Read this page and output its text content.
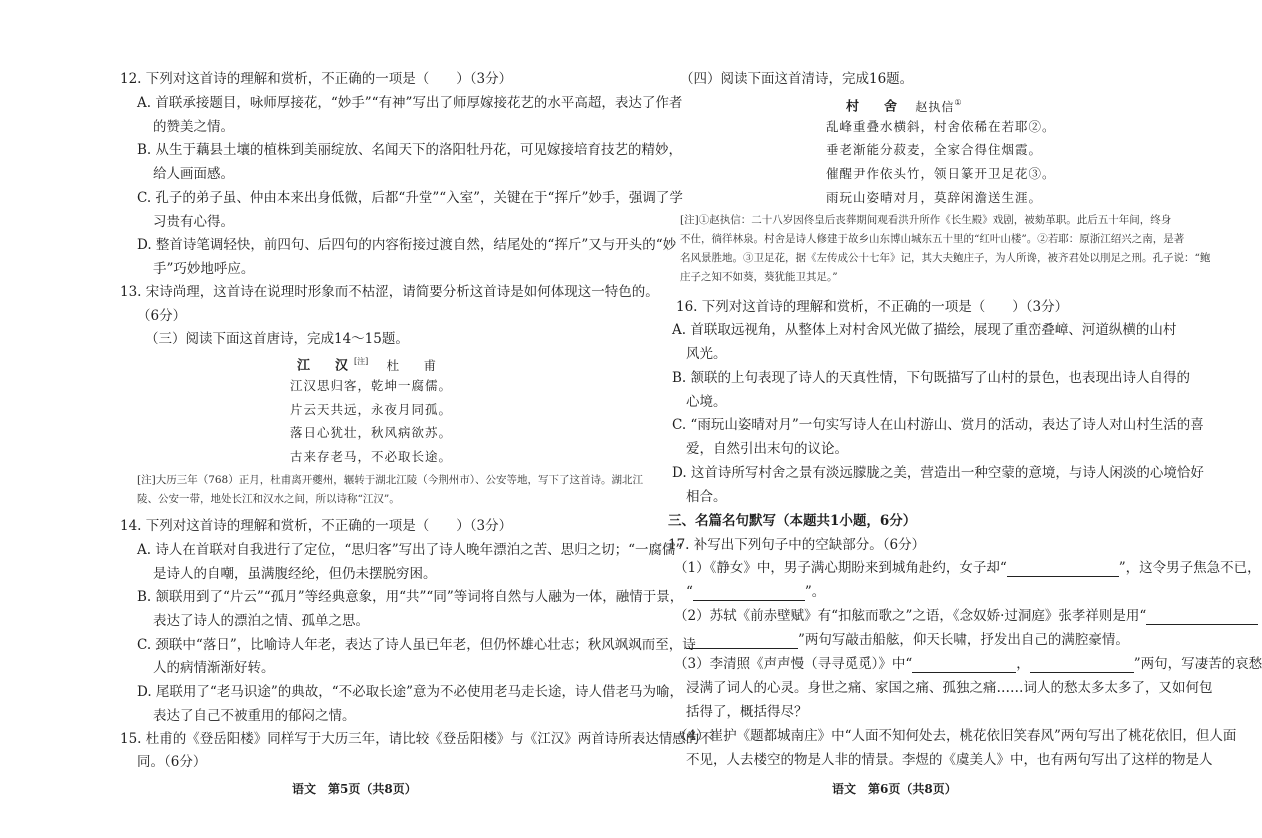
12. 下列对这首诗的理解和赏析，不正确的一项是（　　）（3分）
A. 首联承接题目，咏师厚接花，“妙手”“有神”写出了师厚嫁接花艺的水平高超，表达了作者
的赞美之情。
B. 从生于藕县土壤的植株到美丽绽放、名闻天下的洛阳牡丹花，可见嫁接培育技艺的精妙，
给人画面感。
C. 孔子的弟子虽、仲由本来出身低微，后都“升堂”“入室”，关键在于“挥斤”妙手，强调了学
习贵有心得。
D. 整首诗笔调轻快，前四句、后四句的内容衔接过渡自然，结尾处的“挥斤”又与开头的“妙
手”巧妙地呼应。
13. 宋诗尚理，这首诗在说理时形象而不枯涩，请简要分析这首诗是如何体现这一特色的。
（6分）
（三）阅读下面这首唐诗，完成14～15题。
江　汉[注] 杜　甫
江汉思归客，乾坤一腐儒。
片云天共远，永夜月同孤。
落日心犹壮，秋风病欲苏。
古来存老马，不必取长途。
[注]大历三年（768）正月，杜甫离开夔州，辗转于湖北江陵（今荆州市）、公安等地，写下了这首诗。湖北江
陵、公安一带，地处长江和汉水之间，所以诗称“江汉”。
14. 下列对这首诗的理解和赏析，不正确的一项是（　　）（3分）
A. 诗人在首联对自我进行了定位，“思归客”写出了诗人晚年漂泊之苦、思归之切；“一腐儒”
是诗人的自嘲，虽满腹经纶，但仍未摆脱穷困。
B. 颔联用到了“片云”“孤月”等经典意象，用“共”“同”等词将自然与人融为一体，融情于景，
表达了诗人的漂泊之情、孤单之思。
C. 颈联中“落日”，比喻诗人年老，表达了诗人虽已年老，但仍怀雄心壮志；秋风飒飒而至，诗
人的病情渐渐好转。
D. 尾联用了“老马识途”的典故，“不必取长途”意为不必使用老马走长途，诗人借老马为喻，
表达了自己不被重用的郁闷之情。
15. 杜甫的《登岳阳楼》同样写于大历三年，请比较《登岳阳楼》与《江汉》两首诗所表达情感的不
同。（6分）
语文　第5页（共8页）
（四）阅读下面这首清诗，完成16题。
村　舍 赵执信①
乱峰重叠水横斜，村舍依稀在若耶②。
垂老渐能分菽麦，全家合得住烟霞。
催醒尹作依头竹，领日篆开卫足花③。
雨玩山姿晴对月，莫辞闲澹送生涯。
[注]①赵执信：二十八岁因佟皇后丧葬期间观看洪升所作《长生殿》戏剧，被劾革职。此后五十年间，终身
不仕，徜徉林泉。村舍是诗人修建于故乡山东博山城东五十里的“红叶山楼”。②若耶：原浙江绍兴之南，是著
名风景胜地。③卫足花，据《左传成公十七年》记，其大夫鲍庄子，为人所谗，被齐君处以刖足之刑。孔子说：“鲍
庄子之知不如葵，葵犹能卫其足。”
16. 下列对这首诗的理解和赏析，不正确的一项是（　　）（3分）
A. 首联取远视角，从整体上对村舍风光做了描绘，展现了重峦叠嶂、河道纵横的山村
风光。
B. 颔联的上句表现了诗人的天真性情，下句既描写了山村的景色，也表现出诗人自得的
心境。
C. “雨玩山姿晴对月”一句实写诗人在山村游山、赏月的活动，表达了诗人对山村生活的喜
爱，自然引出末句的议论。
D. 这首诗所写村舍之景有淡远朦胧之美，营造出一种空蒙的意境，与诗人闲淡的心境恰好
相合。
三、名篇名句默写（本题共1小题，6分）
17. 补写出下列句子中的空缺部分。（6分）
（1）《静女》中，男子满心期盼来到城角赴约，女子却“	”，这令男子焦急不已，
“	”。
（2）苏轼《前赤壁赋》有“扣舷而歌之”之语，《念奴娇·过洞庭》张孝祥则是用“
”两句写敲击船舷，仰天长啸，抒发出自己的满腔豪情。
（3）李清照《声声慢（寻寻觅觅）》中“	，	”两句，写凄苦的哀愁
浸满了词人的心灵。身世之痛、家国之痛、孤独之痛……词人的愁太多太多了，又如何包
括得了，概括得尽？
（4）崔护《题都城南庄》中“人面不知何处去，桃花依旧笑春风”两句写出了桃花依旧，但人面
不见，人去楼空的物是人非的情景。李煜的《虞美人》中，也有两句写出了这样的物是人
语文　第6页（共8页）
